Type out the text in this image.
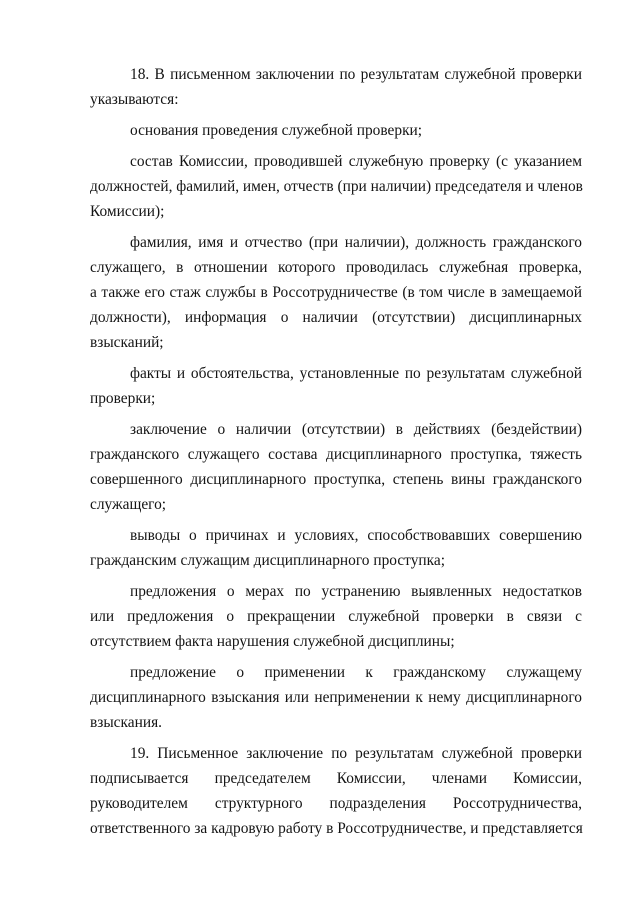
18. В письменном заключении по результатам служебной проверки
указываются:

основания проведения служебной проверки;

состав Комиссии, проводившей служебную проверку (с указанием
должностей, фамилий, имен, отчеств (при наличии) председателя и членов
Комиссии);

фамилия, имя и отчество (при наличии), должность гражданского
служащего, в отношении которого проводилась служебная проверка,
а также его стаж службы в Россотрудничестве (в том числе в замещаемой
должности), информация о наличии (отсутствии) дисциплинарных
взысканий;

факты и обстоятельства, установленные по результатам служебной
проверки;

заключение о наличии (отсутствии) в действиях (бездействии)
гражданского служащего состава дисциплинарного проступка, тяжесть
совершенного дисциплинарного проступка, степень вины гражданского
служащего;

выводы о причинах и условиях, способствовавших совершению
гражданским служащим дисциплинарного проступка;

предложения о мерах по устранению выявленных недостатков
или предложения о прекращении служебной проверки в связи с
отсутствием факта нарушения служебной дисциплины;

предложение о применении к гражданскому служащему
дисциплинарного взыскания или неприменении к нему дисциплинарного
взыскания.

19. Письменное заключение по результатам служебной проверки
подписывается председателем Комиссии, членами Комиссии,
руководителем структурного подразделения Россотрудничества,
ответственного за кадровую работу в Россотрудничестве, и представляется
